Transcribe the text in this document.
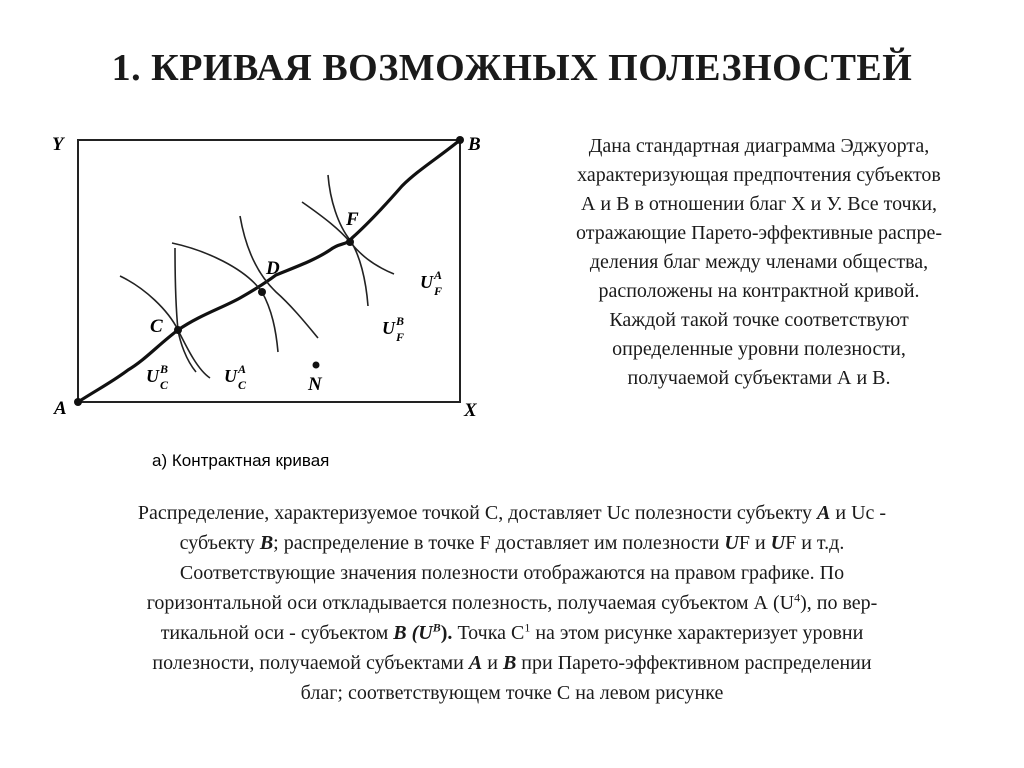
1. КРИВАЯ ВОЗМОЖНЫХ ПОЛЕЗНОСТЕЙ
Y	B
A	X
C
D
F
N
$U^A$ F
$U^B$ F
$U^B$ C	$U^A$ C
а) Контрактная кривая
Дана стандартная диаграмма Эджуорта,
характеризующая предпочтения субъектов
А и В в отношении благ Х и У. Все точки,
отражающие Парето-эффективные распре-
деления благ между членами общества,
расположены на контрактной кривой.
Каждой такой точке соответствуют
определенные уровни полезности,
получаемой субъектами А и В.
Распределение, характеризуемое точкой С, доставляет Uc полезности субъекту A и Uc -
субъекту B; распределение в точке F доставляет им полезности UF и UF и т.д.
Соответствующие значения полезности отображаются на правом графике. По
горизонтальной оси откладывается полезность, получаемая субъектом А $(U^4)$, по вер-
тикальной оси - субъектом B $(U^B)$. Точка $С^1$ на этом рисунке характеризует уровни
полезности, получаемой субъектами A и B при Парето-эффективном распределении
благ; соответствующем точке С на левом рисунке
